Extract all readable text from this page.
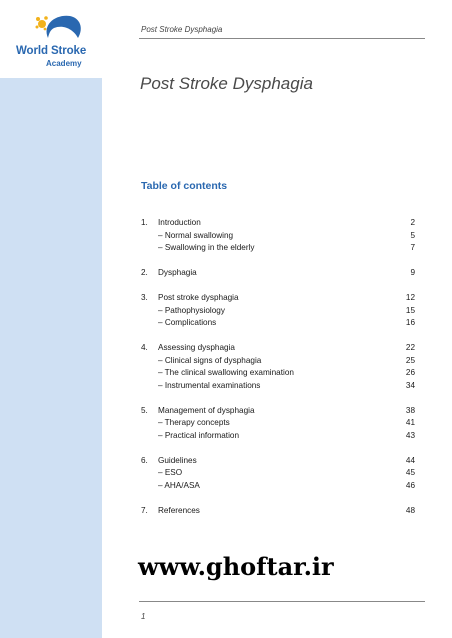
World Stroke
Academy
Post Stroke Dysphagia
Post Stroke Dysphagia
Table of contents
1. Introduction	2
– Normal swallowing	5
– Swallowing in the elderly	7
2. Dysphagia	9
3. Post stroke dysphagia	12
– Pathophysiology	15
– Complications	16
4. Assessing dysphagia	22
– Clinical signs of dysphagia	25
– The clinical swallowing examination	26
– Instrumental examinations	34
5. Management of dysphagia	38
– Therapy concepts	41
– Practical information	43
6. Guidelines	44
– ESO	45
– AHA/ASA	46
7. References	48
www.ghoftar.ir
1
